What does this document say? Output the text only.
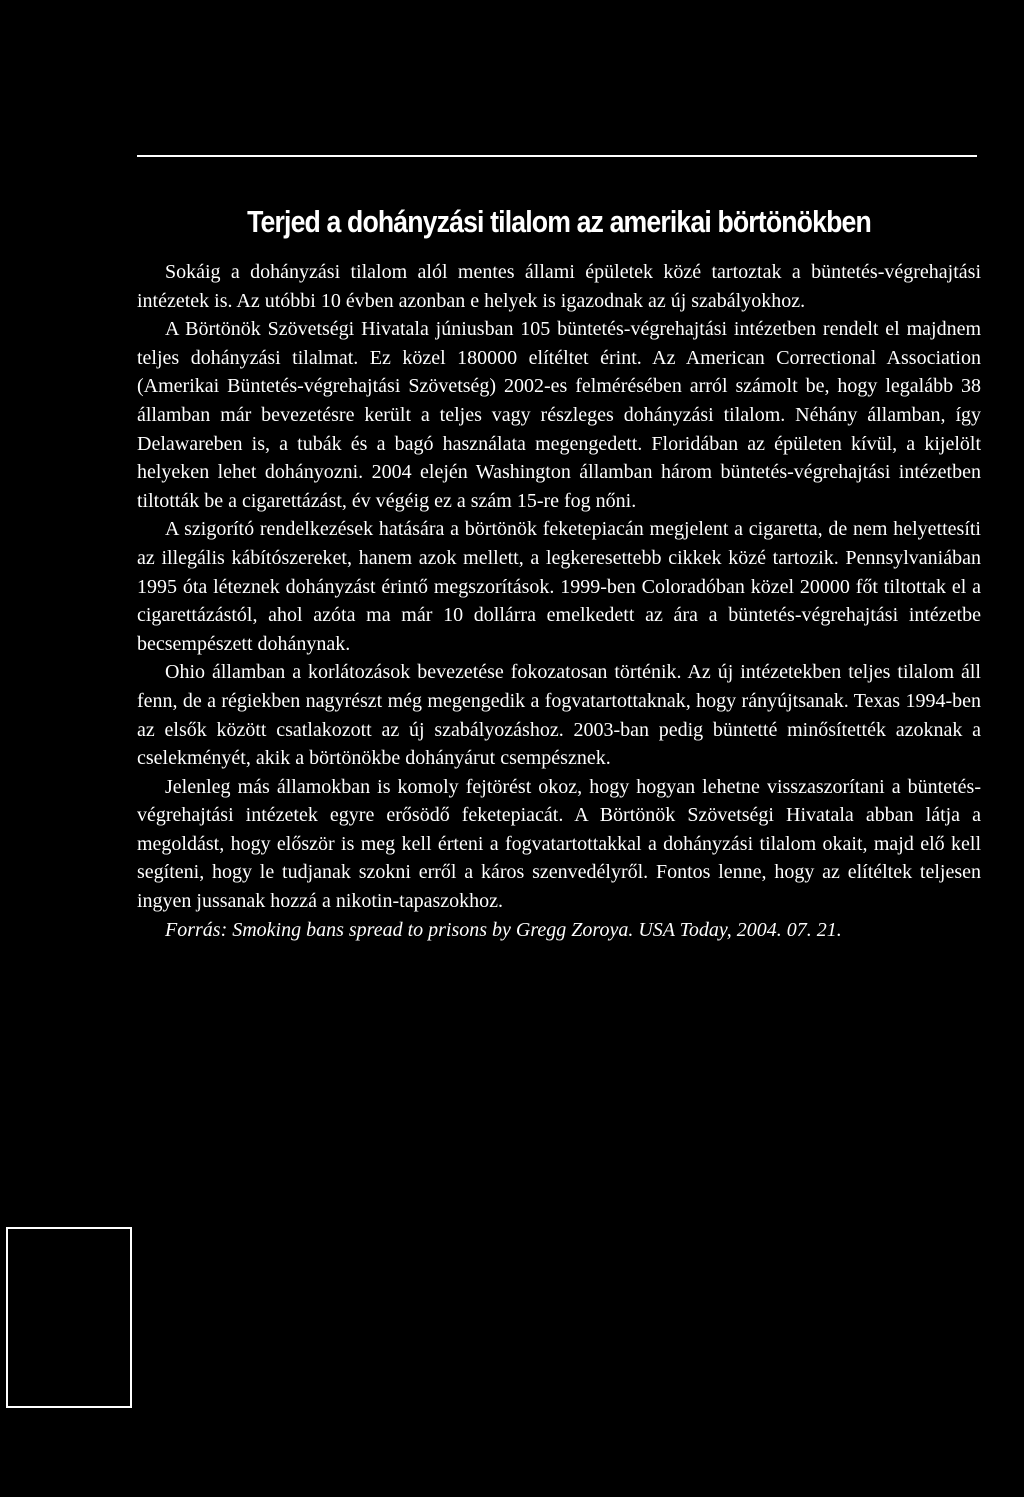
Terjed a dohányzási tilalom az amerikai börtönökben

Sokáig a dohányzási tilalom alól mentes állami épületek közé tartoztak a büntetés-végrehajtási intézetek is. Az utóbbi 10 évben azonban e helyek is igazodnak az új szabályokhoz.

A Börtönök Szövetségi Hivatala júniusban 105 büntetés-végrehajtási intézetben rendelt el majdnem teljes dohányzási tilalmat. Ez közel 180000 elítéltet érint. Az American Correctional Association (Amerikai Büntetés-végrehajtási Szövetség) 2002-es felmérésében arról számolt be, hogy legalább 38 államban már bevezetésre került a teljes vagy részleges dohányzási tilalom. Néhány államban, így Delawareben is, a tubák és a bagó használata megengedett. Floridában az épületen kívül, a kijelölt helyeken lehet dohányozni. 2004 elején Washington államban három büntetés-végrehajtási intézetben tiltották be a cigarettázást, év végéig ez a szám 15-re fog nőni.

A szigorító rendelkezések hatására a börtönök feketepiacán megjelent a cigaretta, de nem helyettesíti az illegális kábítószereket, hanem azok mellett, a legkeresettebb cikkek közé tartozik. Pennsylvaniában 1995 óta léteznek dohányzást érintő megszorítások. 1999-ben Coloradóban közel 20000 főt tiltottak el a cigarettázástól, ahol azóta ma már 10 dollárra emelkedett az ára a büntetés-végrehajtási intézetbe becsempészett dohánynak.

Ohio államban a korlátozások bevezetése fokozatosan történik. Az új intézetekben teljes tilalom áll fenn, de a régiekben nagyrészt még megengedik a fogvatartottaknak, hogy rányújtsanak. Texas 1994-ben az elsők között csatlakozott az új szabályozáshoz. 2003-ban pedig büntetté minősítették azoknak a cselekményét, akik a börtönökbe dohányárut csempésznek.

Jelenleg más államokban is komoly fejtörést okoz, hogy hogyan lehetne visszaszorítani a büntetés-végrehajtási intézetek egyre erősödő feketepiacát. A Börtönök Szövetségi Hivatala abban látja a megoldást, hogy először is meg kell érteni a fogvatartottakkal a dohányzási tilalom okait, majd elő kell segíteni, hogy le tudjanak szokni erről a káros szenvedélyről. Fontos lenne, hogy az elítéltek teljesen ingyen jussanak hozzá a nikotin-tapaszokhoz.

Forrás: Smoking bans spread to prisons by Gregg Zoroya. USA Today, 2004. 07. 21.
